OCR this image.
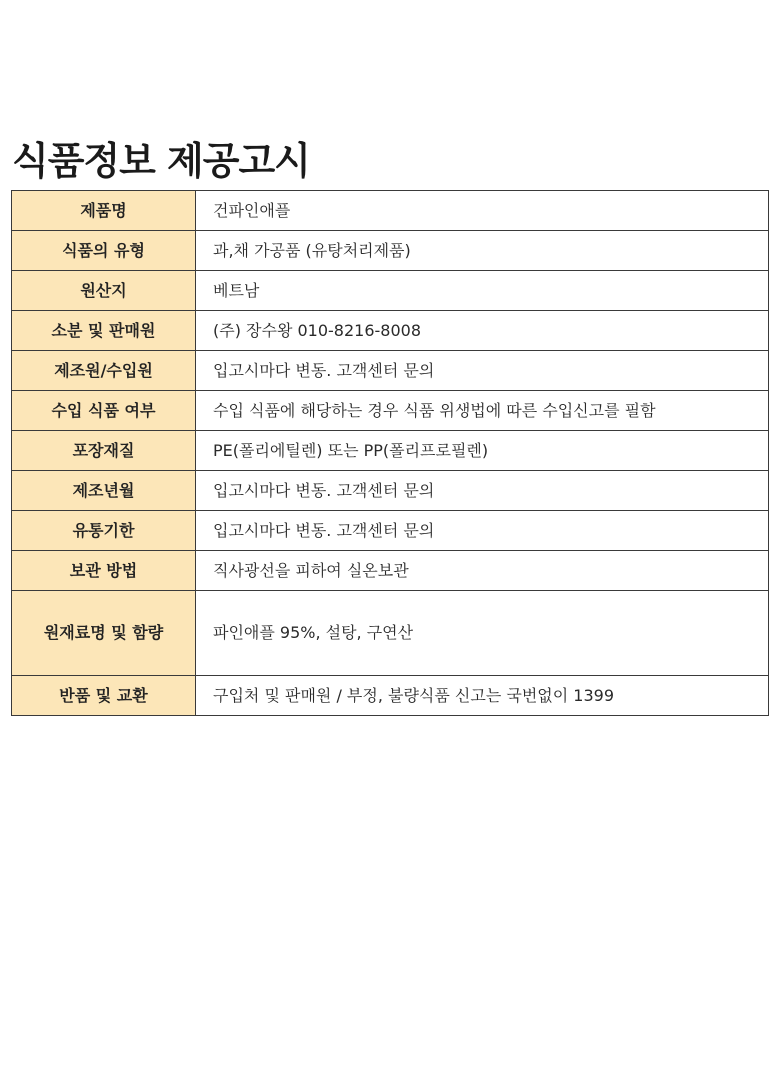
식품정보 제공고시
제품명	건파인애플
식품의 유형	과,채 가공품 (유탕처리제품)
원산지	베트남
소분 및 판매원	(주) 장수왕 010-8216-8008
제조원/수입원	입고시마다 변동. 고객센터 문의
수입 식품 여부	수입 식품에 해당하는 경우 식품 위생법에 따른 수입신고를 필함
포장재질	PE(폴리에틸렌) 또는 PP(폴리프로필렌)
제조년월	입고시마다 변동. 고객센터 문의
유통기한	입고시마다 변동. 고객센터 문의
보관 방법	직사광선을 피하여 실온보관
원재료명 및 함량	파인애플 95%, 설탕, 구연산
반품 및 교환	구입처 및 판매원 / 부정, 불량식품 신고는 국번없이 1399
